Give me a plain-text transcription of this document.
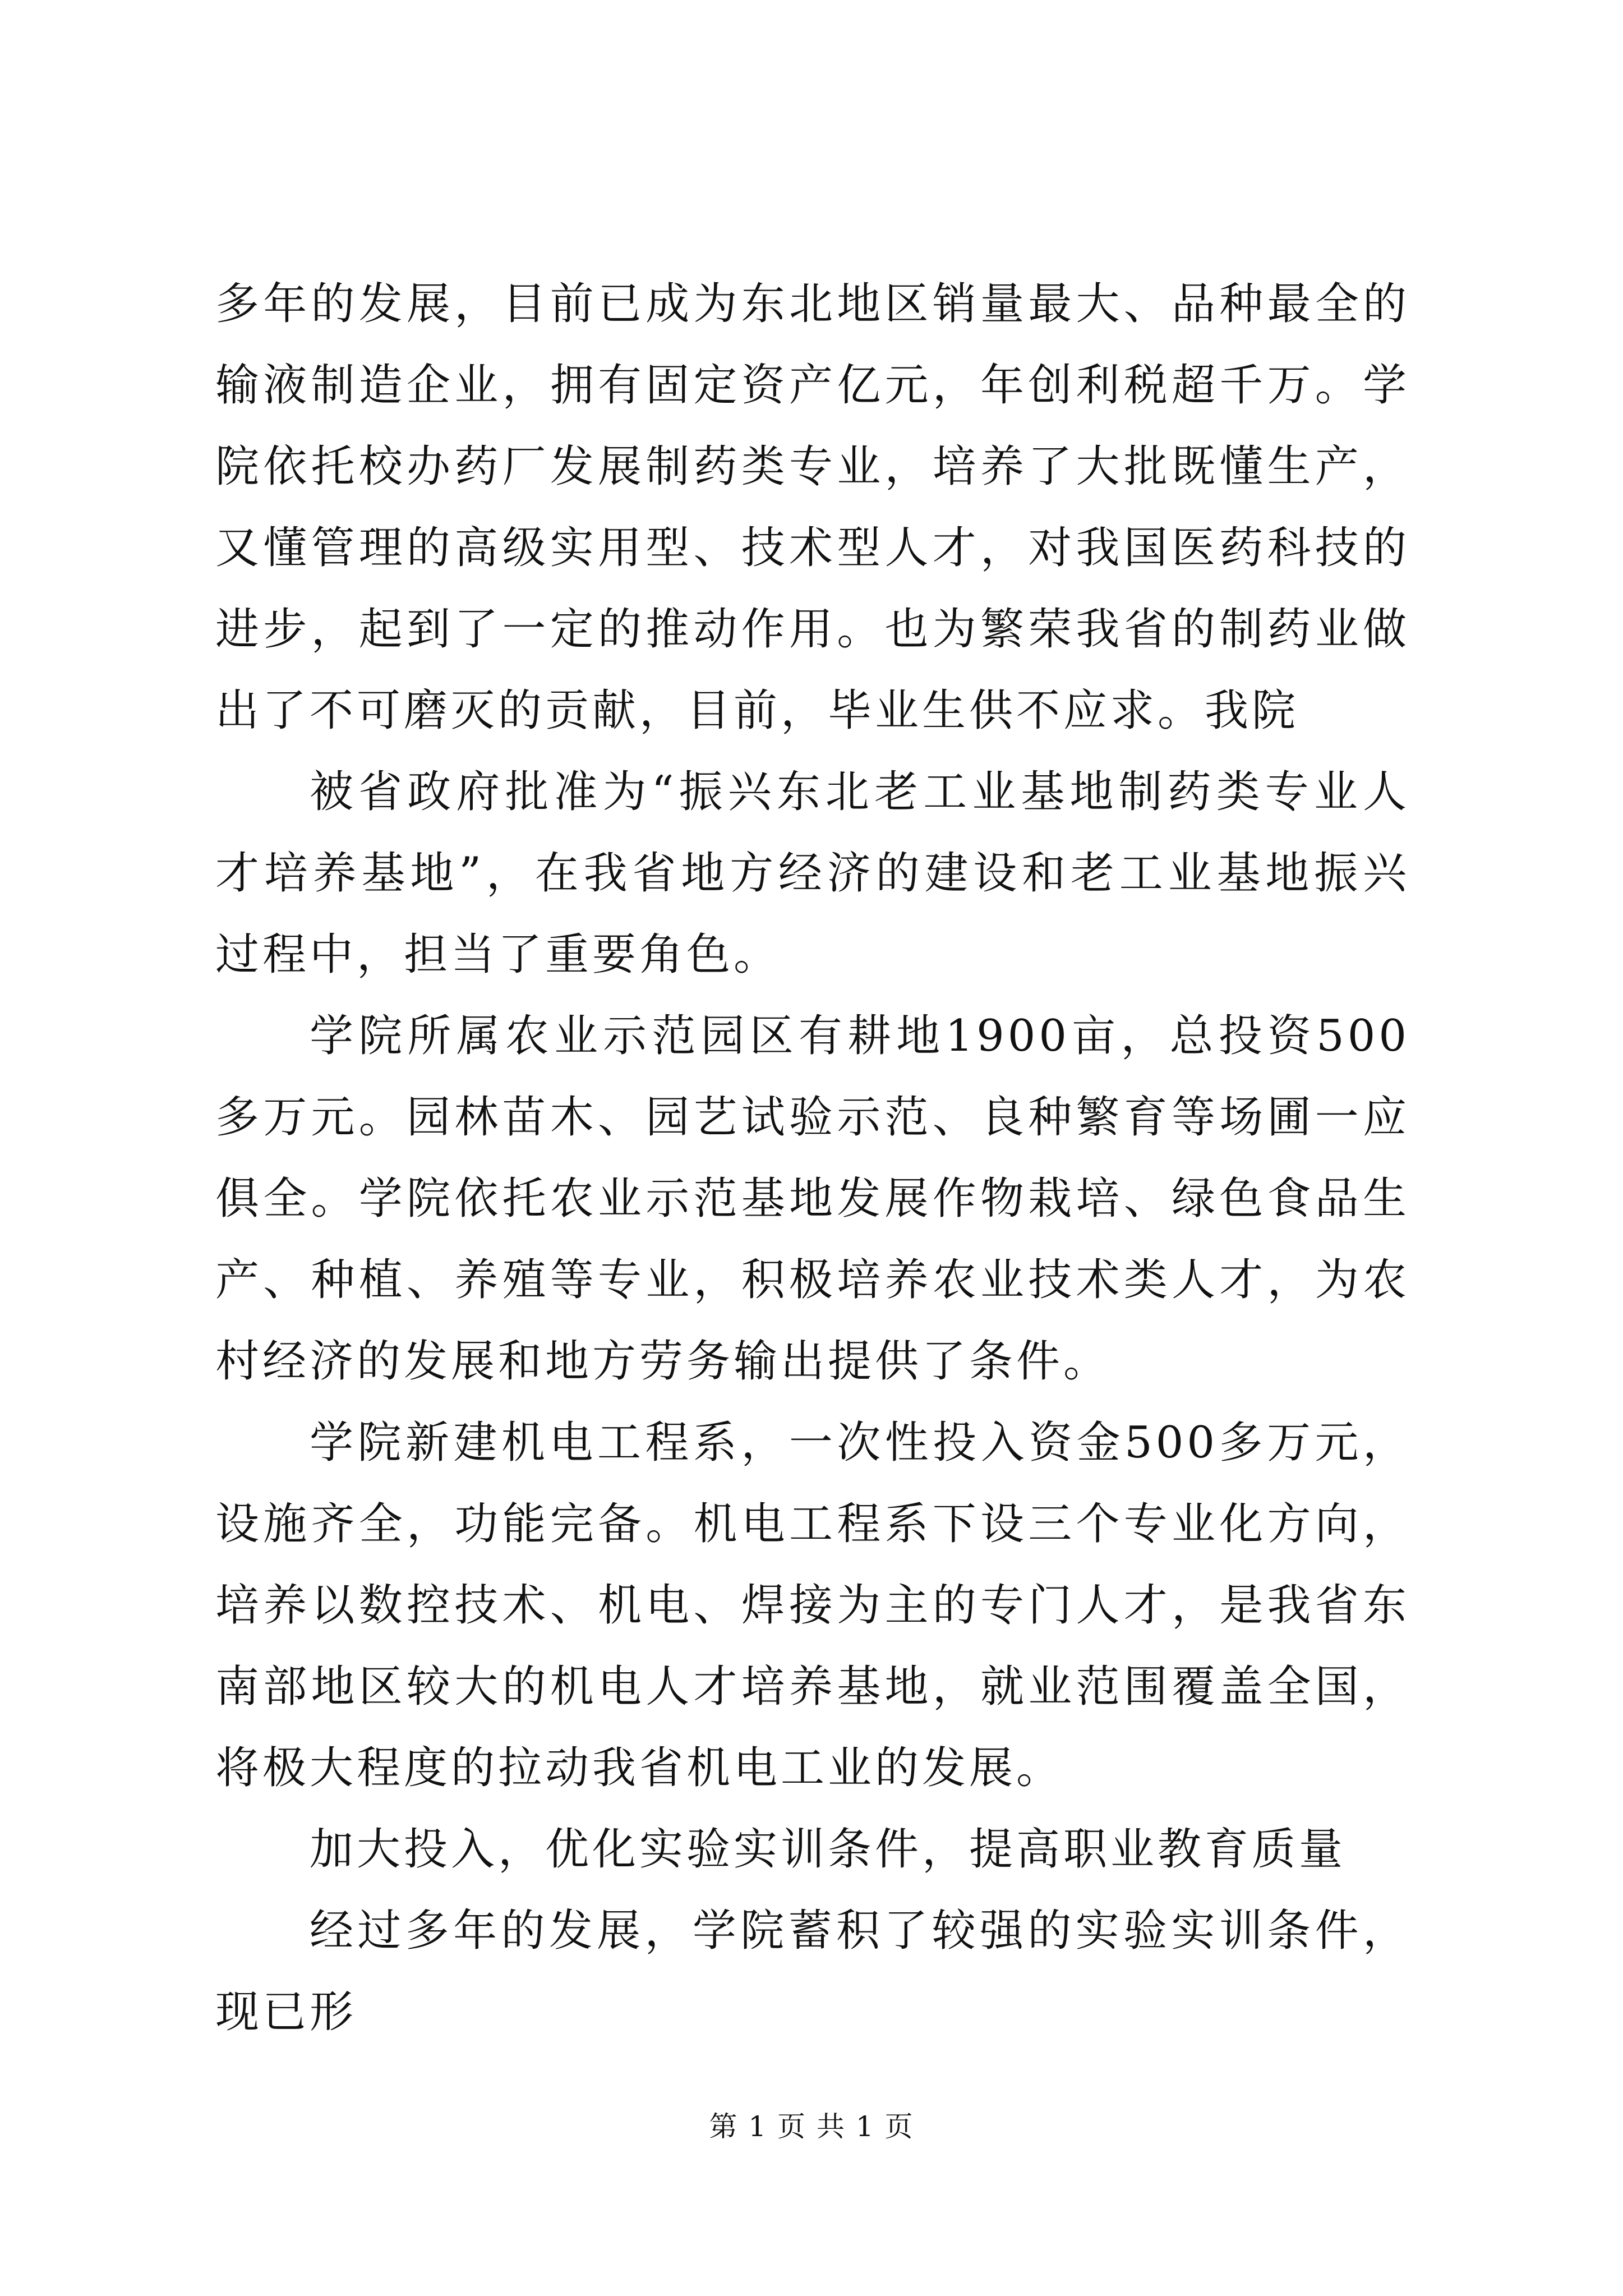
多年的发展，目前已成为东北地区销量最大、品种最全的输液制造企业，拥有固定资产亿元，年创利税超千万。学院依托校办药厂发展制药类专业，培养了大批既懂生产，又懂管理的高级实用型、技术型人才，对我国医药科技的进步，起到了一定的推动作用。也为繁荣我省的制药业做出了不可磨灭的贡献，目前，毕业生供不应求。我院

被省政府批准为“振兴东北老工业基地制药类专业人才培养基地”，在我省地方经济的建设和老工业基地振兴过程中，担当了重要角色。

学院所属农业示范园区有耕地1900亩，总投资500多万元。园林苗木、园艺试验示范、良种繁育等场圃一应俱全。学院依托农业示范基地发展作物栽培、绿色食品生产、种植、养殖等专业，积极培养农业技术类人才，为农村经济的发展和地方劳务输出提供了条件。

学院新建机电工程系，一次性投入资金500多万元，设施齐全，功能完备。机电工程系下设三个专业化方向，培养以数控技术、机电、焊接为主的专门人才，是我省东南部地区较大的机电人才培养基地，就业范围覆盖全国，将极大程度的拉动我省机电工业的发展。

加大投入，优化实验实训条件，提高职业教育质量

经过多年的发展，学院蓄积了较强的实验实训条件，现已形

第 1 页 共 1 页
